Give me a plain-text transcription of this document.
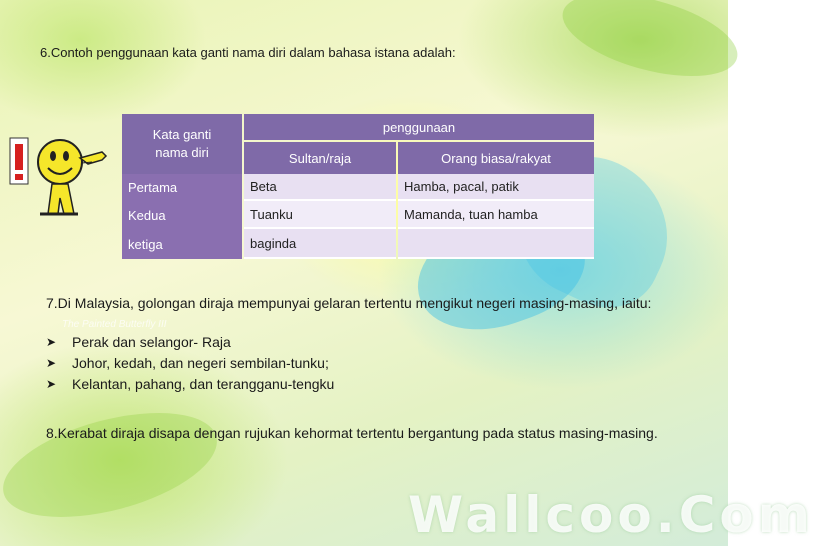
6.Contoh penggunaan kata ganti nama diri dalam bahasa istana adalah:
Kata ganti nama diri
penggunaan
Sultan/raja	Orang biasa/rakyat
Pertama	Beta	Hamba, pacal, patik
Kedua	Tuanku	Mamanda, tuan hamba
ketiga	baginda
7.Di Malaysia, golongan diraja mempunyai gelaran tertentu mengikut negeri masing-masing, iaitu:
The Painted Butterfly III
➤ Perak dan selangor- Raja
➤ Johor, kedah, dan negeri sembilan-tunku;
➤ Kelantan, pahang, dan terangganu-tengku
8.Kerabat diraja disapa dengan rujukan kehormat tertentu bergantung pada status masing-masing.
Wallcoo.Com
